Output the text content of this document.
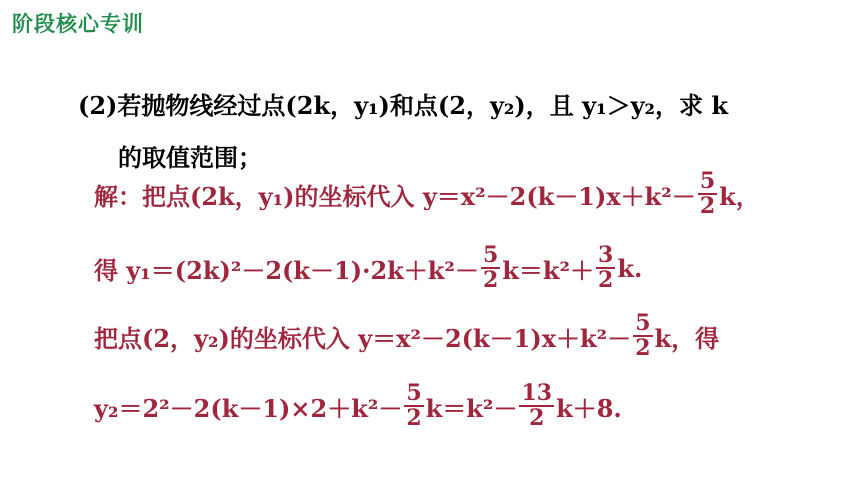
阶段核心专训
(2)若抛物线经过点(2k，y₁)和点(2，y₂)，且 y₁＞y₂，求 k
的取值范围；
解：把点(2k，y₁)的坐标代入 $y=x^2-2(k-1)x+k^2- \frac{5}{2}$ k，
得 $y_1=(2k)^2-2(k-1)\cdot 2k+k^2- \frac{5}{2} k=k^2+ \frac{3}{2} k$.
把点(2，y₂)的坐标代入 $y=x^2-2(k-1)x+k^2- \frac{5}{2}$ k，得
$y_2=2^2-2(k-1)\times 2+k^2- \frac{5}{2} k=k^2- \frac{13}{2} k+8$.
